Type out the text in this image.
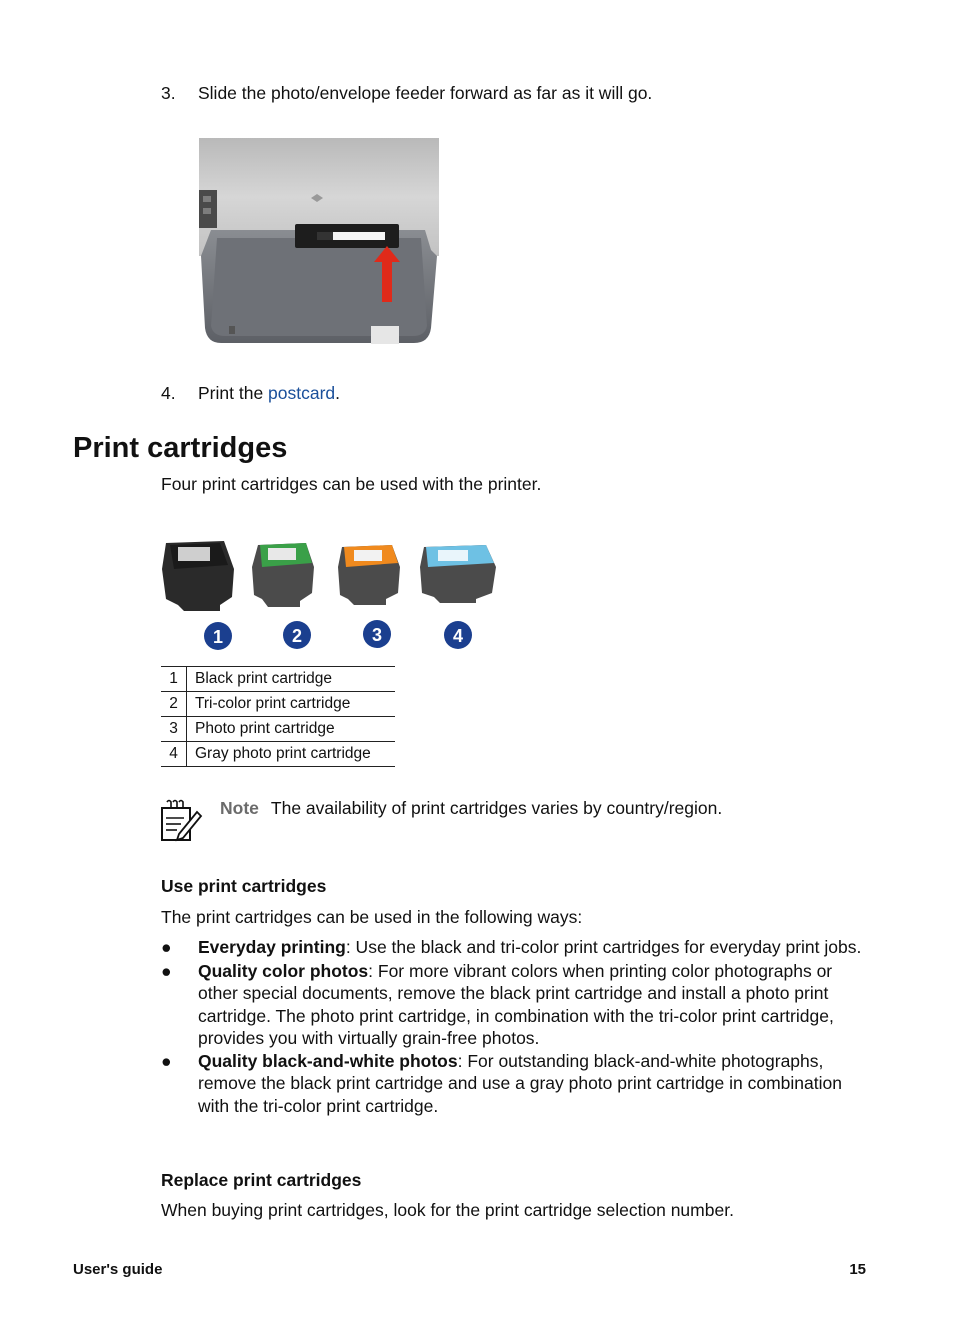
3. Slide the photo/envelope feeder forward as far as it will go.
4. Print the postcard.
Print cartridges
Four print cartridges can be used with the printer.
1	2	3	4
1	Black print cartridge
2	Tri-color print cartridge
3	Photo print cartridge
4	Gray photo print cartridge
Note The availability of print cartridges varies by country/region.
Use print cartridges
The print cartridges can be used in the following ways:
● Everyday printing: Use the black and tri-color print cartridges for everyday print jobs.
● Quality color photos: For more vibrant colors when printing color photographs or other special documents, remove the black print cartridge and install a photo print cartridge. The photo print cartridge, in combination with the tri-color print cartridge, provides you with virtually grain-free photos.
● Quality black-and-white photos: For outstanding black-and-white photographs, remove the black print cartridge and use a gray photo print cartridge in combination with the tri-color print cartridge.
Replace print cartridges
When buying print cartridges, look for the print cartridge selection number.
User's guide	15
